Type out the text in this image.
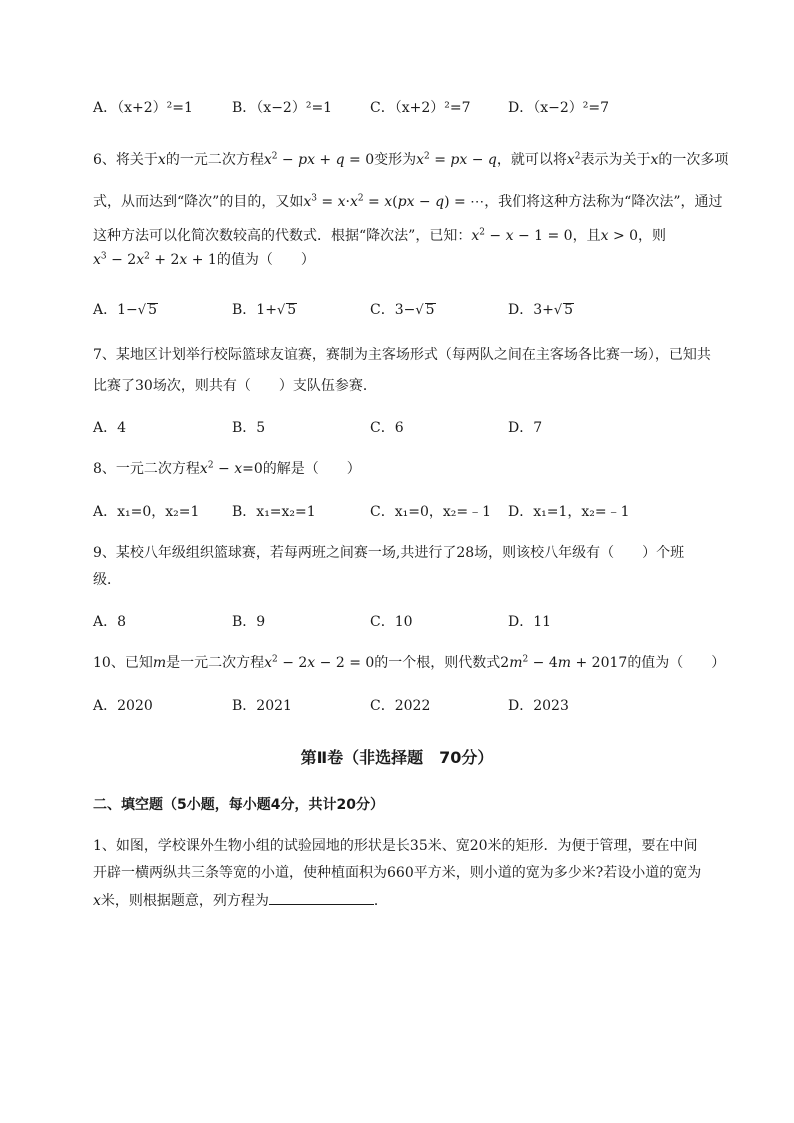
A．（x+2）²=1	B．（x−2）²=1	C．（x+2）²=7	D．（x−2）²=7
6、将关于x的一元二次方程$x^2$ − px + q = 0变形为$x^2$ = px − q，就可以将$x^2$表示为关于x的一次多项
式，从而达到“降次”的目的，又如$x^3 = x\cdot x^2 = x(px - q)$ = ⋯，我们将这种方法称为“降次法”，通过
这种方法可以化简次数较高的代数式．根据“降次法”，已知：$x^2 - x - 1 = 0$，且x > 0，则
$x^3 - 2x^2 + 2x + 1$的值为（　　）
A．1−√ 5	B．1+√ 5	C．3−√ 5	D．3+√ 5
7、某地区计划举行校际篮球友谊赛，赛制为主客场形式（每两队之间在主客场各比赛一场），已知共
比赛了30场次，则共有（　　）支队伍参赛．
A．4	B．5	C．6	D．7
8、一元二次方程$x^2 - x=0$的解是（　　）
A．x₁=0，x₂=1 B．x₁=x₂=1	C．x₁=0，x₂=﹣1 D．x₁=1，x₂=﹣1
9、某校八年级组织篮球赛，若每两班之间赛一场,共进行了28场，则该校八年级有（　　）个班
级．
A．8	B．9	C．10	D．11
10、已知m是一元二次方程$x^2 - 2x - 2 = 0$的一个根，则代数式$2m^2 - 4m + 2017$的值为（　　）
A．2020	B．2021	C．2022	D．2023
第Ⅱ卷（非选择题　70分）
二、填空题（5小题，每小题4分，共计20分）
1、如图，学校课外生物小组的试验园地的形状是长35米、宽20米的矩形．为便于管理，要在中间
开辟一横两纵共三条等宽的小道，使种植面积为660平方米，则小道的宽为多少米?若设小道的宽为
x米，则根据题意，列方程为	．
